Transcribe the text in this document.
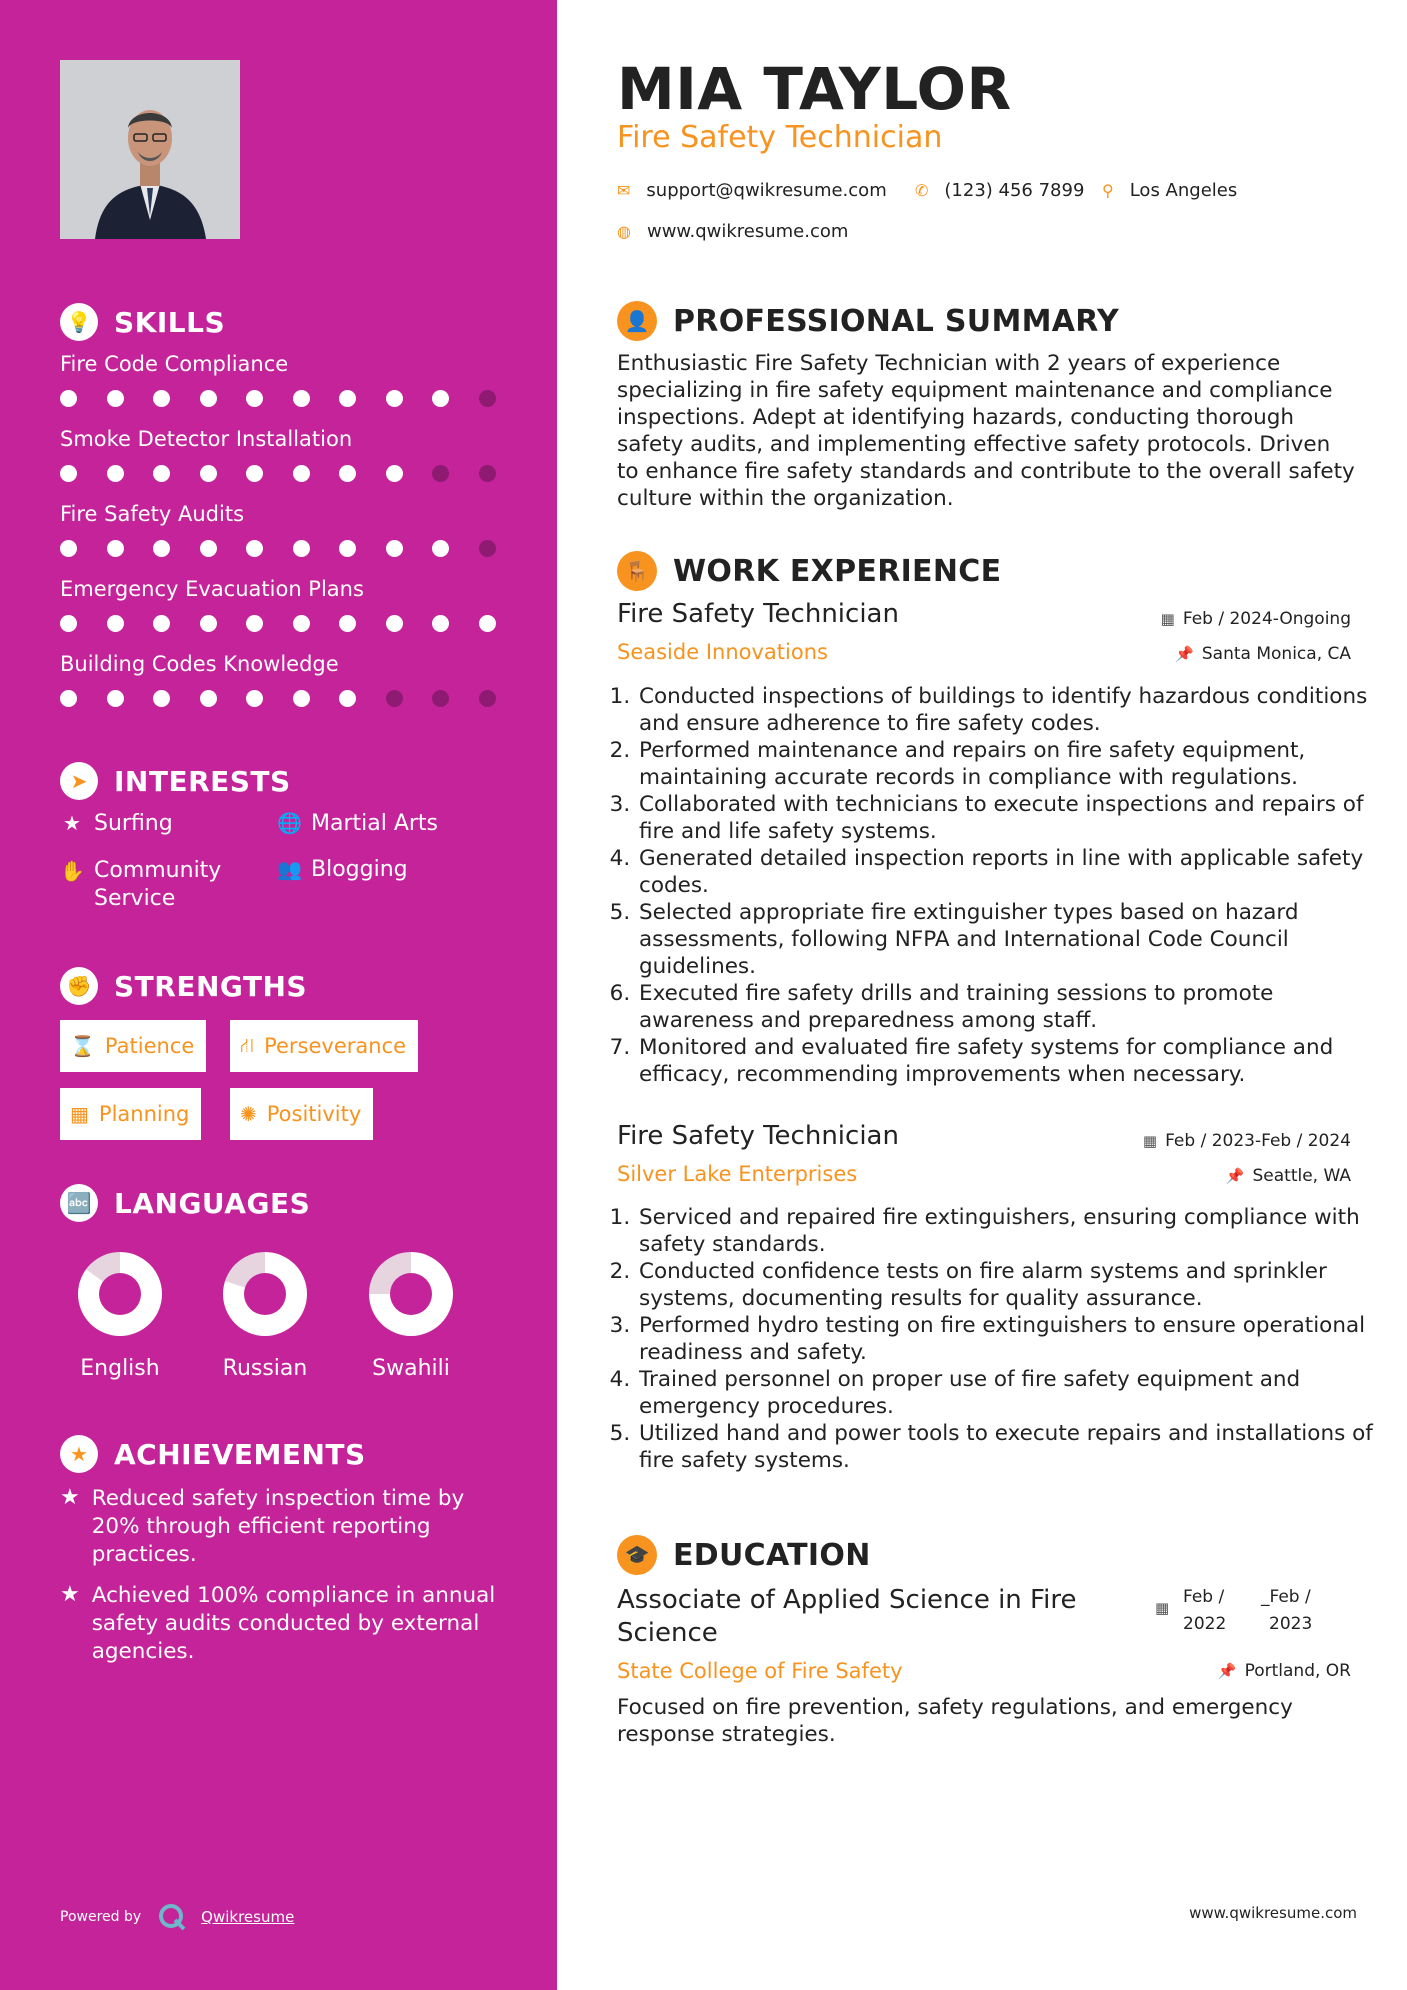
💡 SKILLS
Fire Code Compliance
Smoke Detector Installation
Fire Safety Audits
Emergency Evacuation Plans
Building Codes Knowledge
➤ INTERESTS
★ Surfing	🌐 Martial Arts
✋ Community Service
👥 Blogging
✊ STRENGTHS
⌛ Patience ⛙ Perseverance
▦ Planning	✺ Positivity
🔤 LANGUAGES
English	Russian	Swahili
★ ACHIEVEMENTS
★ Reduced safety inspection time by 20% through efficient reporting practices.
★ Achieved 100% compliance in annual safety audits conducted by external agencies.
Powered by	Qwikresume
MIA TAYLOR
Fire Safety Technician
✉ support@qwikresume.com ✆ (123) 456 7899 ⚲ Los Angeles
◍ www.qwikresume.com
👤 PROFESSIONAL SUMMARY
Enthusiastic Fire Safety Technician with 2 years of experience specializing in fire safety equipment maintenance and compliance inspections. Adept at identifying hazards, conducting thorough safety audits, and implementing effective safety protocols. Driven to enhance fire safety standards and contribute to the overall safety culture within the organization.
🪑 WORK EXPERIENCE
Fire Safety Technician	▦ Feb / 2024-Ongoing
Seaside Innovations	📌 Santa Monica, CA
1. Conducted inspections of buildings to identify hazardous conditions and ensure adherence to fire safety codes.
2. Performed maintenance and repairs on fire safety equipment, maintaining accurate records in compliance with regulations.
3. Collaborated with technicians to execute inspections and repairs of fire and life safety systems.
4. Generated detailed inspection reports in line with applicable safety codes.
5. Selected appropriate fire extinguisher types based on hazard assessments, following NFPA and International Code Council guidelines.
6. Executed fire safety drills and training sessions to promote awareness and preparedness among staff.
7. Monitored and evaluated fire safety systems for compliance and efficacy, recommending improvements when necessary.
Fire Safety Technician	▦ Feb / 2023-Feb / 2024
Silver Lake Enterprises	📌 Seattle, WA
1. Serviced and repaired fire extinguishers, ensuring compliance with safety standards.
2. Conducted confidence tests on fire alarm systems and sprinkler systems, documenting results for quality assurance.
3. Performed hydro testing on fire extinguishers to ensure operational readiness and safety.
4. Trained personnel on proper use of fire safety equipment and emergency procedures.
5. Utilized hand and power tools to execute repairs and installations of fire safety systems.
🎓 EDUCATION
Associate of Applied Science in Fire Science
▦
Feb /
2022
_Feb /
2023
State College of Fire Safety	📌 Portland, OR
Focused on fire prevention, safety regulations, and emergency response strategies.
www.qwikresume.com
